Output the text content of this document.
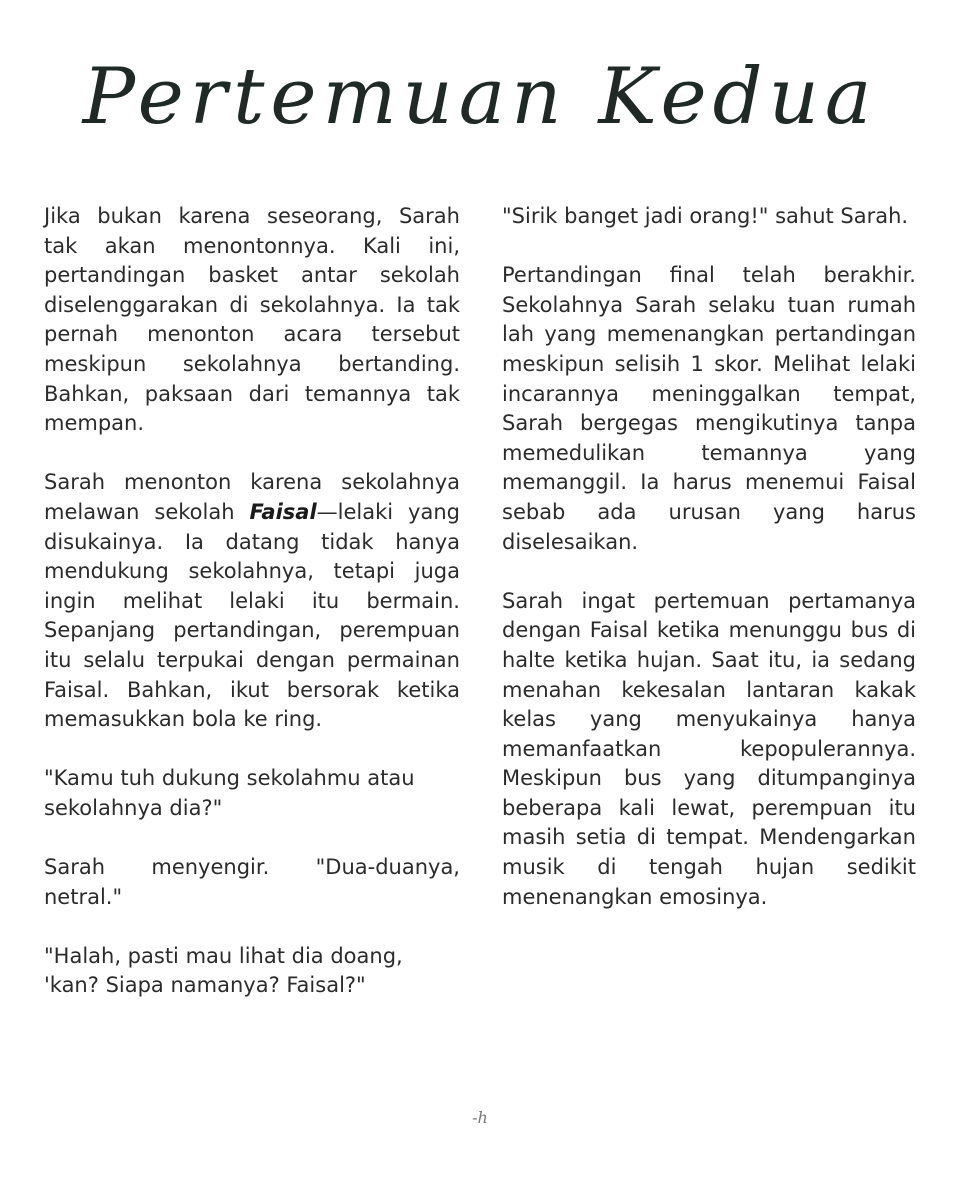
Pertemuan Kedua

Jika bukan karena seseorang, Sarah tak akan menontonnya. Kali ini, pertandingan basket antar sekolah diselenggarakan di sekolahnya. Ia tak pernah menonton acara tersebut meskipun sekolahnya bertanding. Bahkan, paksaan dari temannya tak mempan.

Sarah menonton karena sekolahnya melawan sekolah Faisal—lelaki yang disukainya. Ia datang tidak hanya mendukung sekolahnya, tetapi juga ingin melihat lelaki itu bermain. Sepanjang pertandingan, perempuan itu selalu terpukai dengan permainan Faisal. Bahkan, ikut bersorak ketika memasukkan bola ke ring.

"Kamu tuh dukung sekolahmu atau sekolahnya dia?"

Sarah menyengir. "Dua-duanya, netral."

"Halah, pasti mau lihat dia doang, 'kan? Siapa namanya? Faisal?"

"Sirik banget jadi orang!" sahut Sarah.

Pertandingan final telah berakhir. Sekolahnya Sarah selaku tuan rumah lah yang memenangkan pertandingan meskipun selisih 1 skor. Melihat lelaki incarannya meninggalkan tempat, Sarah bergegas mengikutinya tanpa memedulikan temannya yang memanggil. Ia harus menemui Faisal sebab ada urusan yang harus diselesaikan.

Sarah ingat pertemuan pertamanya dengan Faisal ketika menunggu bus di halte ketika hujan. Saat itu, ia sedang menahan kekesalan lantaran kakak kelas yang menyukainya hanya memanfaatkan kepopulerannya. Meskipun bus yang ditumpanginya beberapa kali lewat, perempuan itu masih setia di tempat. Mendengarkan musik di tengah hujan sedikit menenangkan emosinya.

-h
